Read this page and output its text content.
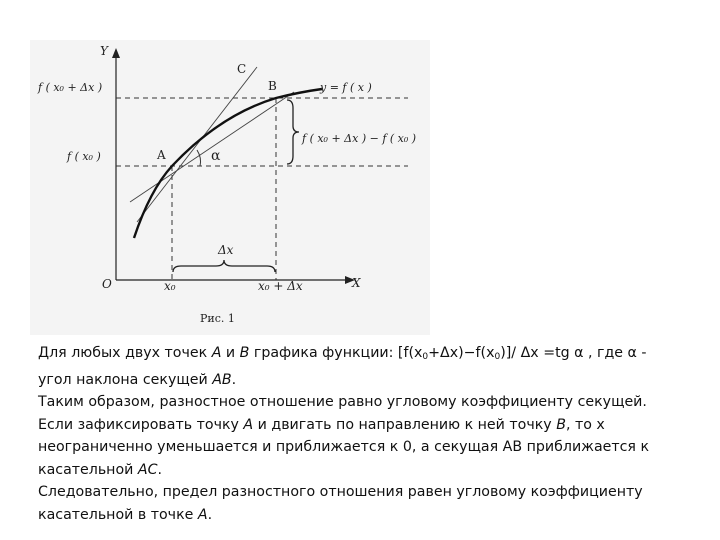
Y
X
O
C
B
A	α
Δx
x₀	x₀ + Δx
f ( x₀ + Δx )
f ( x₀ )
y = f ( x )
f ( x₀ + Δx ) − f ( x₀ )
Рис. 1

Для любых двух точек A и B графика функции: $[f(x_0+\Delta x)-f(x_0)]/$ Δx =tg α , где α -

угол наклона секущей AB.

Таким образом, разностное отношение равно угловому коэффициенту секущей.

Если зафиксировать точку A и двигать по направлению к ней точку B, то x

неограниченно уменьшается и приближается к 0, а секущая AB приближается к

касательной AC.

Следовательно, предел разностного отношения равен угловому коэффициенту

касательной в точке A.
